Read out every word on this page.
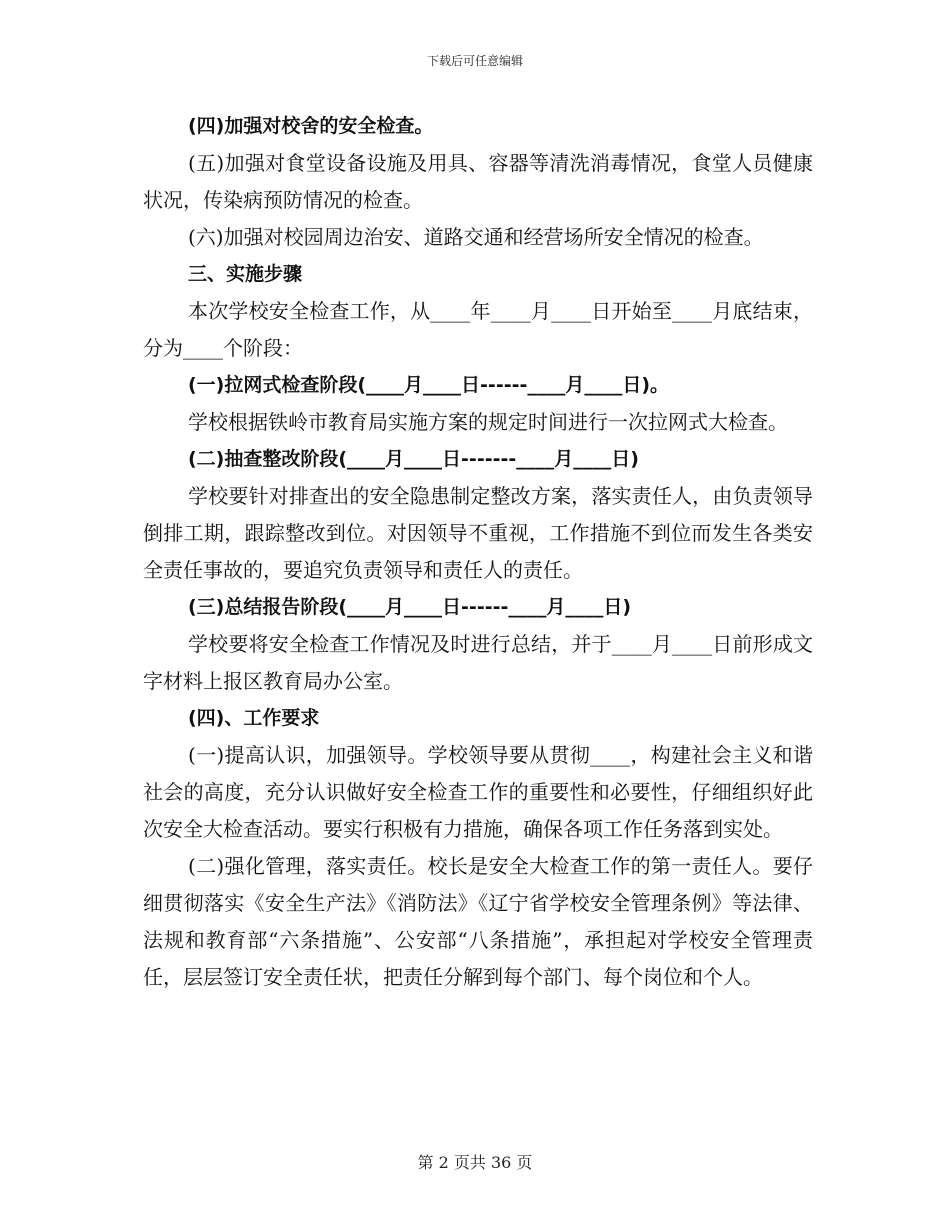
下载后可任意编辑

(四)加强对校舍的安全检查。

(五)加强对食堂设备设施及用具、容器等清洗消毒情况，食堂人员健康状况，传染病预防情况的检查。

(六)加强对校园周边治安、道路交通和经营场所安全情况的检查。

三、实施步骤

本次学校安全检查工作，从____年____月____日开始至____月底结束，分为____个阶段：

(一)拉网式检查阶段(____月____日------____月____日)。

学校根据铁岭市教育局实施方案的规定时间进行一次拉网式大检查。

(二)抽查整改阶段(____月____日-------____月____日)

学校要针对排查出的安全隐患制定整改方案，落实责任人，由负责领导倒排工期，跟踪整改到位。对因领导不重视，工作措施不到位而发生各类安全责任事故的，要追究负责领导和责任人的责任。

(三)总结报告阶段(____月____日------____月____日)

学校要将安全检查工作情况及时进行总结，并于____月____日前形成文字材料上报区教育局办公室。

(四)、工作要求

(一)提高认识，加强领导。学校领导要从贯彻____，构建社会主义和谐社会的高度，充分认识做好安全检查工作的重要性和必要性，仔细组织好此次安全大检查活动。要实行积极有力措施，确保各项工作任务落到实处。

(二)强化管理，落实责任。校长是安全大检查工作的第一责任人。要仔细贯彻落实《安全生产法》《消防法》《辽宁省学校安全管理条例》等法律、法规和教育部“六条措施”、公安部“八条措施”，承担起对学校安全管理责任，层层签订安全责任状，把责任分解到每个部门、每个岗位和个人。

第 2 页共 36 页
